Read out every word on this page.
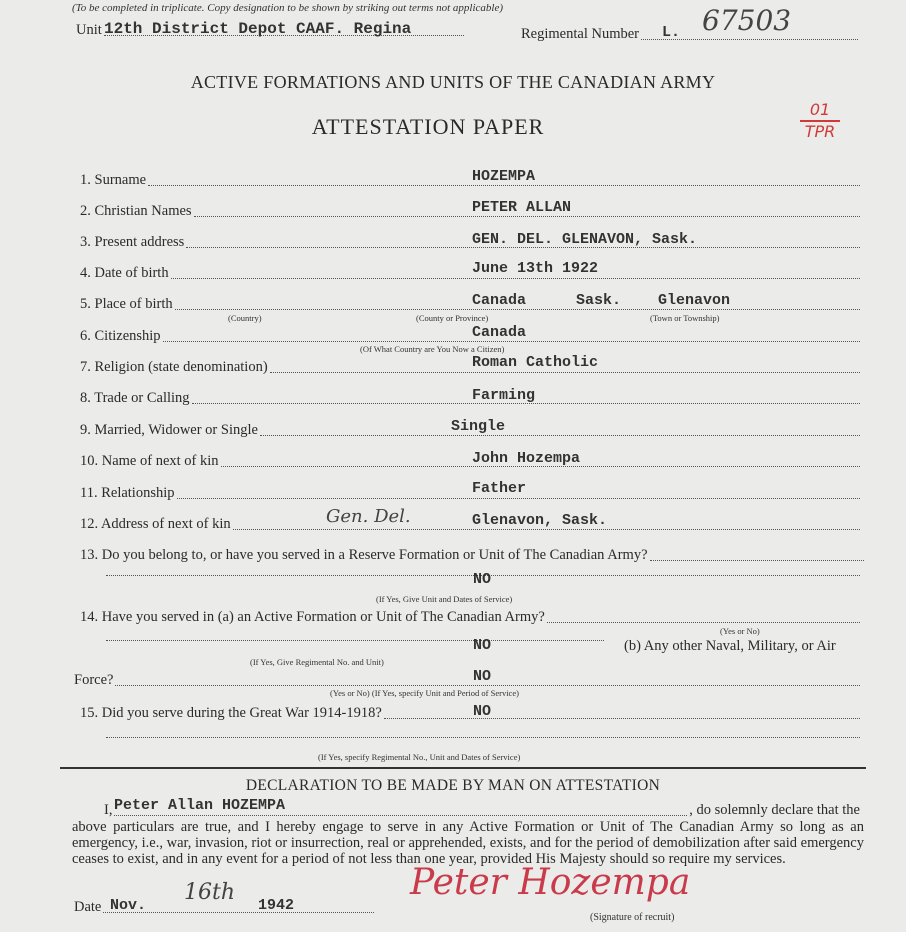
(To be completed in triplicate. Copy designation to be shown by striking out terms not applicable)
Unit 12th District Depot CAAF. Regina	Regimental Number L. 67503
ACTIVE FORMATIONS AND UNITS OF THE CANADIAN ARMY
ATTESTATION PAPER
01
TPR
1. Surname	HOZEMPA
2. Christian Names	PETER ALLAN
3. Present address	GEN. DEL. GLENAVON, Sask.
4. Date of birth	June 13th 1922
5. Place of birth	Canada	Sask. Glenavon
(Country)	(County or Province)	(Town or Township)
6. Citizenship	Canada
(Of What Country are You Now a Citizen)
7. Religion (state denomination)	Roman Catholic
8. Trade or Calling	Farming
9. Married, Widower or Single	Single
10. Name of next of kin	John Hozempa
11. Relationship	Father
12. Address of next of kin	Gen. Del.	Glenavon, Sask.
13. Do you belong to, or have you served in a Reserve Formation or Unit of The Canadian Army?
NO
(If Yes, Give Unit and Dates of Service)
14. Have you served in (a) an Active Formation or Unit of The Canadian Army?
(Yes or No)
NO	(b) Any other Naval, Military, or Air
(If Yes, Give Regimental No. and Unit)
Force?	NO
(Yes or No) (If Yes, specify Unit and Period of Service)
15. Did you serve during the Great War 1914-1918?	NO
(If Yes, specify Regimental No., Unit and Dates of Service)
DECLARATION TO BE MADE BY MAN ON ATTESTATION
I,	, do solemnly declare that the
Peter Allan HOZEMPA
above particulars are true, and I hereby engage to serve in any Active Formation or Unit of The Canadian Army so long as an emergency, i.e., war, invasion, riot or insurrection, real or apprehended, exists, and for the period of demobilization after said emergency ceases to exist, and in any event for a period of not less than one year, provided His Majesty should so require my services.
Date Nov.
16th
1942
Peter Hozempa
(Signature of recruit)
